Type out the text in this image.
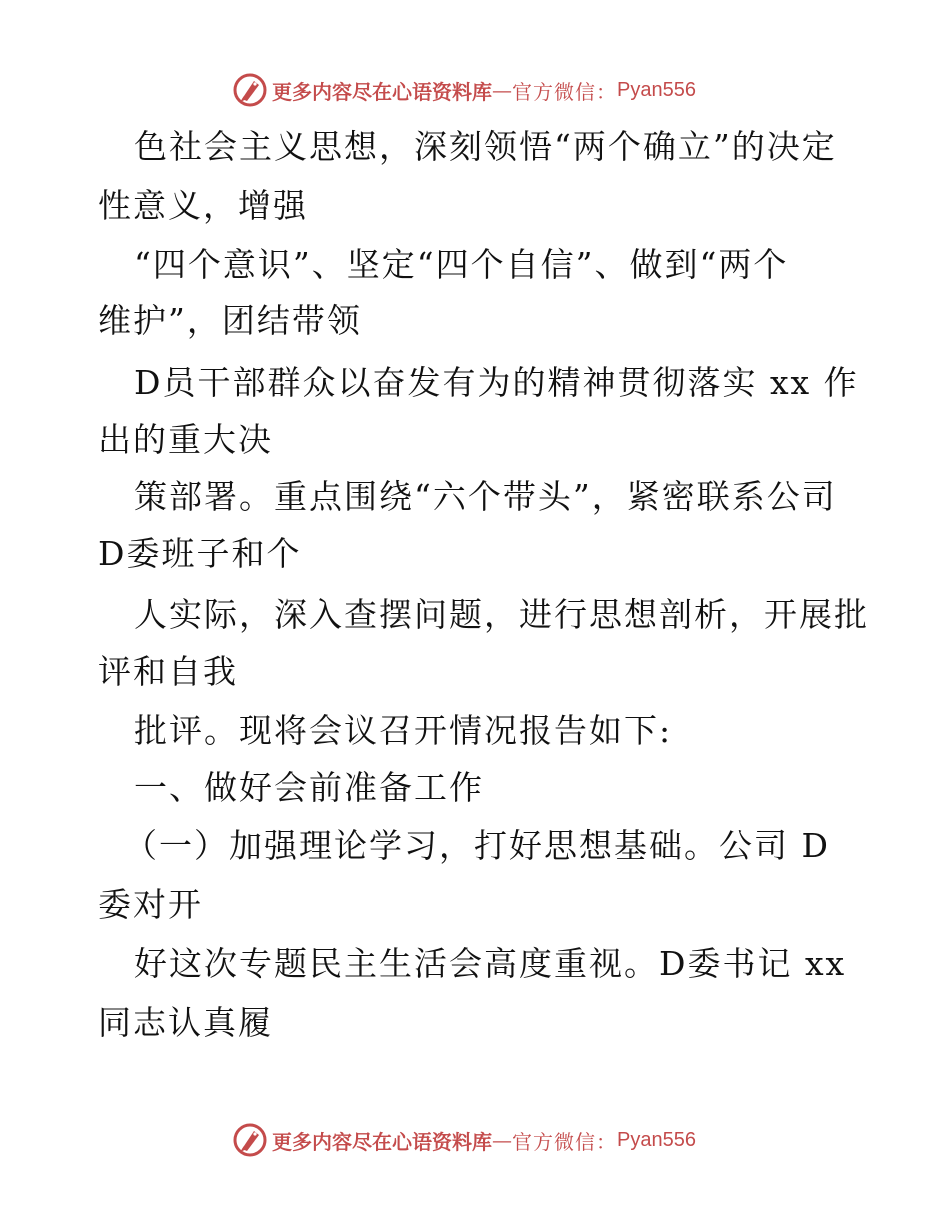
更多内容尽在心语资料库 — 官方微信： Pyan556
色社会主义思想，深刻领悟“两个确立”的决定
性意义，增强
“四个意识”、坚定“四个自信”、做到“两个
维护”，团结带领
D员干部群众以奋发有为的精神贯彻落实 xx 作
出的重大决
策部署。重点围绕“六个带头”，紧密联系公司
D委班子和个
人实际，深入查摆问题，进行思想剖析，开展批
评和自我
批评。现将会议召开情况报告如下:
一、做好会前准备工作
（一）加强理论学习，打好思想基础。公司 D
委对开
好这次专题民主生活会高度重视。D委书记 xx
同志认真履
更多内容尽在心语资料库 — 官方微信： Pyan556
